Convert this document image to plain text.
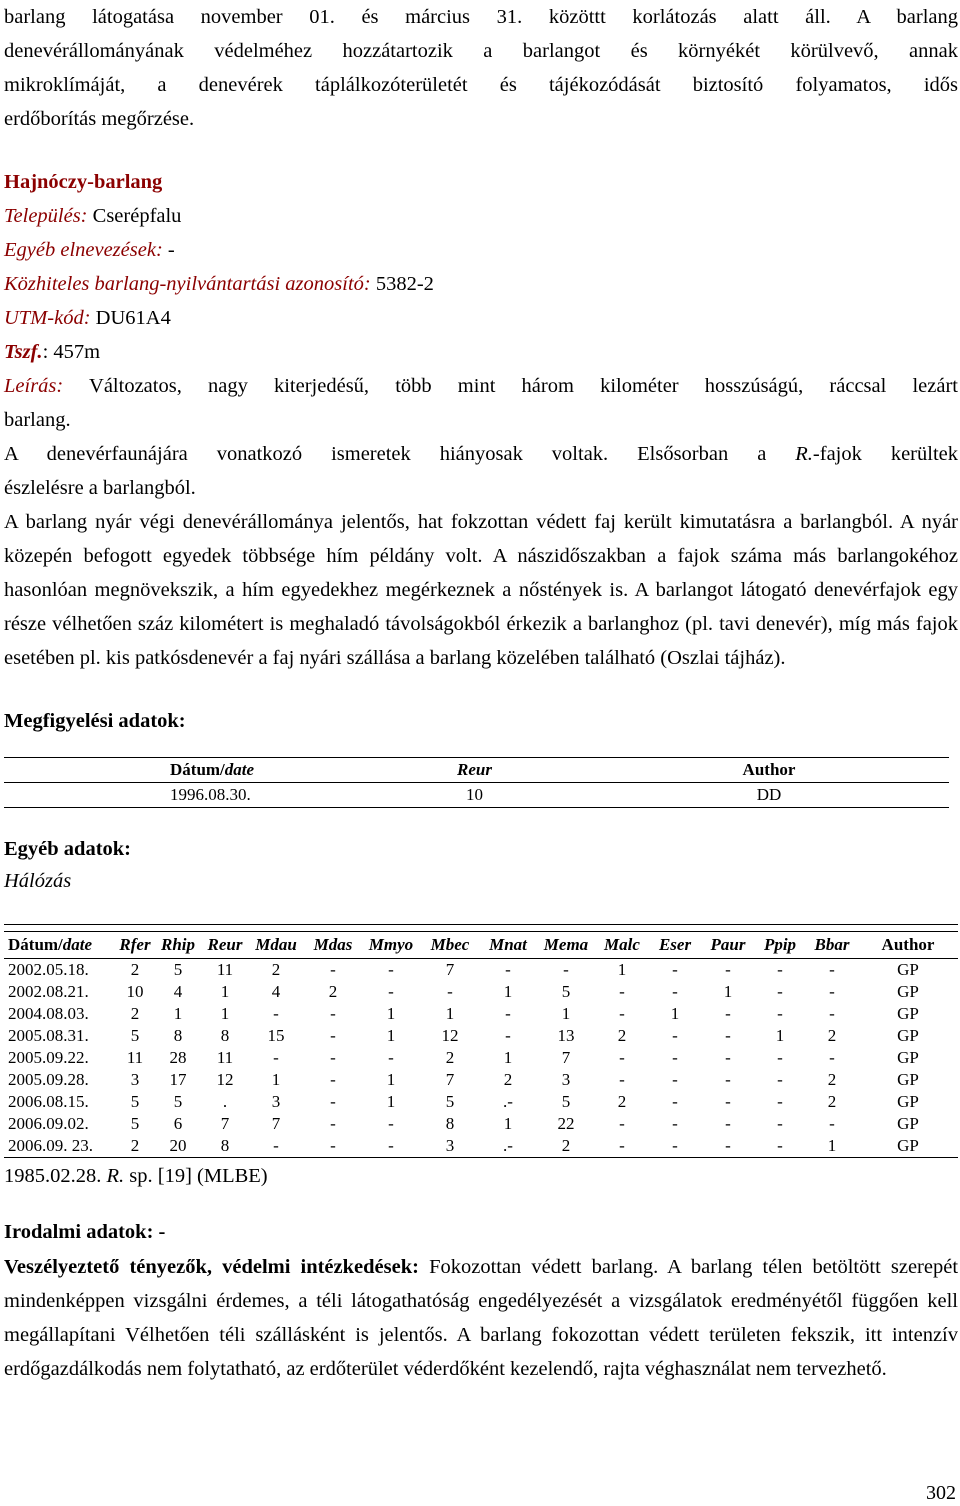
barlang látogatása november 01. és március 31. közöttt korlátozás alatt áll. A barlang

denevérállományának védelméhez hozzátartozik a barlangot és környékét körülvevő, annak

mikroklímáját, a denevérek táplálkozóterületét és tájékozódását biztosító folyamatos, idős

erdőborítás megőrzése.

Hajnóczy-barlang

Település: Cserépfalu

Egyéb elnevezések: -

Közhiteles barlang-nyilvántartási azonosító: 5382-2

UTM-kód: DU61A4

Tszf.: 457m

Leírás: Változatos, nagy kiterjedésű, több mint három kilométer hosszúságú, ráccsal lezárt

barlang.

A denevérfaunájára vonatkozó ismeretek hiányosak voltak. Elsősorban a R.-fajok kerültek

észlelésre a barlangból.

A barlang nyár végi denevérállománya jelentős, hat fokzottan védett faj került kimutatásra a barlangból. A nyár közepén befogott egyedek többsége hím példány volt. A nászidőszakban a fajok száma más barlangokéhoz hasonlóan megnövekszik, a hím egyedekhez megérkeznek a nőstények is. A barlangot látogató denevérfajok egy része vélhetően száz kilométert is meghaladó távolságokból érkezik a barlanghoz (pl. tavi denevér), míg más fajok esetében pl. kis patkósdenevér a faj nyári szállása a barlang közelében található (Oszlai tájház).

Megfigyelési adatok:

	Dátum/date	Reur	Author
	1996.08.30.	10	DD

Egyéb adatok:

Hálózás

Dátum/date	Rfer	Rhip	Reur	Mdau	Mdas	Mmyo	Mbec	Mnat	Mema	Malc	Eser	Paur	Ppip	Bbar	Author
2002.05.18.	2	5	11	2	-	-	7	-	-	1	-	-	-	-	GP
2002.08.21.	10	4	1	4	2	-	-	1	5	-	-	1	-	-	GP
2004.08.03.	2	1	1	-	-	1	1	-	1	-	1	-	-	-	GP
2005.08.31.	5	8	8	15	-	1	12	-	13	2	-	-	1	2	GP
2005.09.22.	11	28	11	-	-	-	2	1	7	-	-	-	-	-	GP
2005.09.28.	3	17	12	1	-	1	7	2	3	-	-	-	-	2	GP
2006.08.15.	5	5	.	3	-	1	5	.-	5	2	-	-	-	2	GP
2006.09.02.	5	6	7	7	-	-	8	1	22	-	-	-	-	-	GP
2006.09. 23.	2	20	8	-	-	-	3	.-	2	-	-	-	-	1	GP

1985.02.28. R. sp. [19] (MLBE)

Irodalmi adatok: -

Veszélyeztető tényezők, védelmi intézkedések: Fokozottan védett barlang. A barlang télen betöltött szerepét mindenképpen vizsgálni érdemes, a téli látogathatóság engedélyezését a vizsgálatok eredményétől függően kell megállapítani Vélhetően téli szállásként is jelentős. A barlang fokozottan védett területen fekszik, itt intenzív erdőgazdálkodás nem folytatható, az erdőterület véderdőként kezelendő, rajta véghasználat nem tervezhető.

302
